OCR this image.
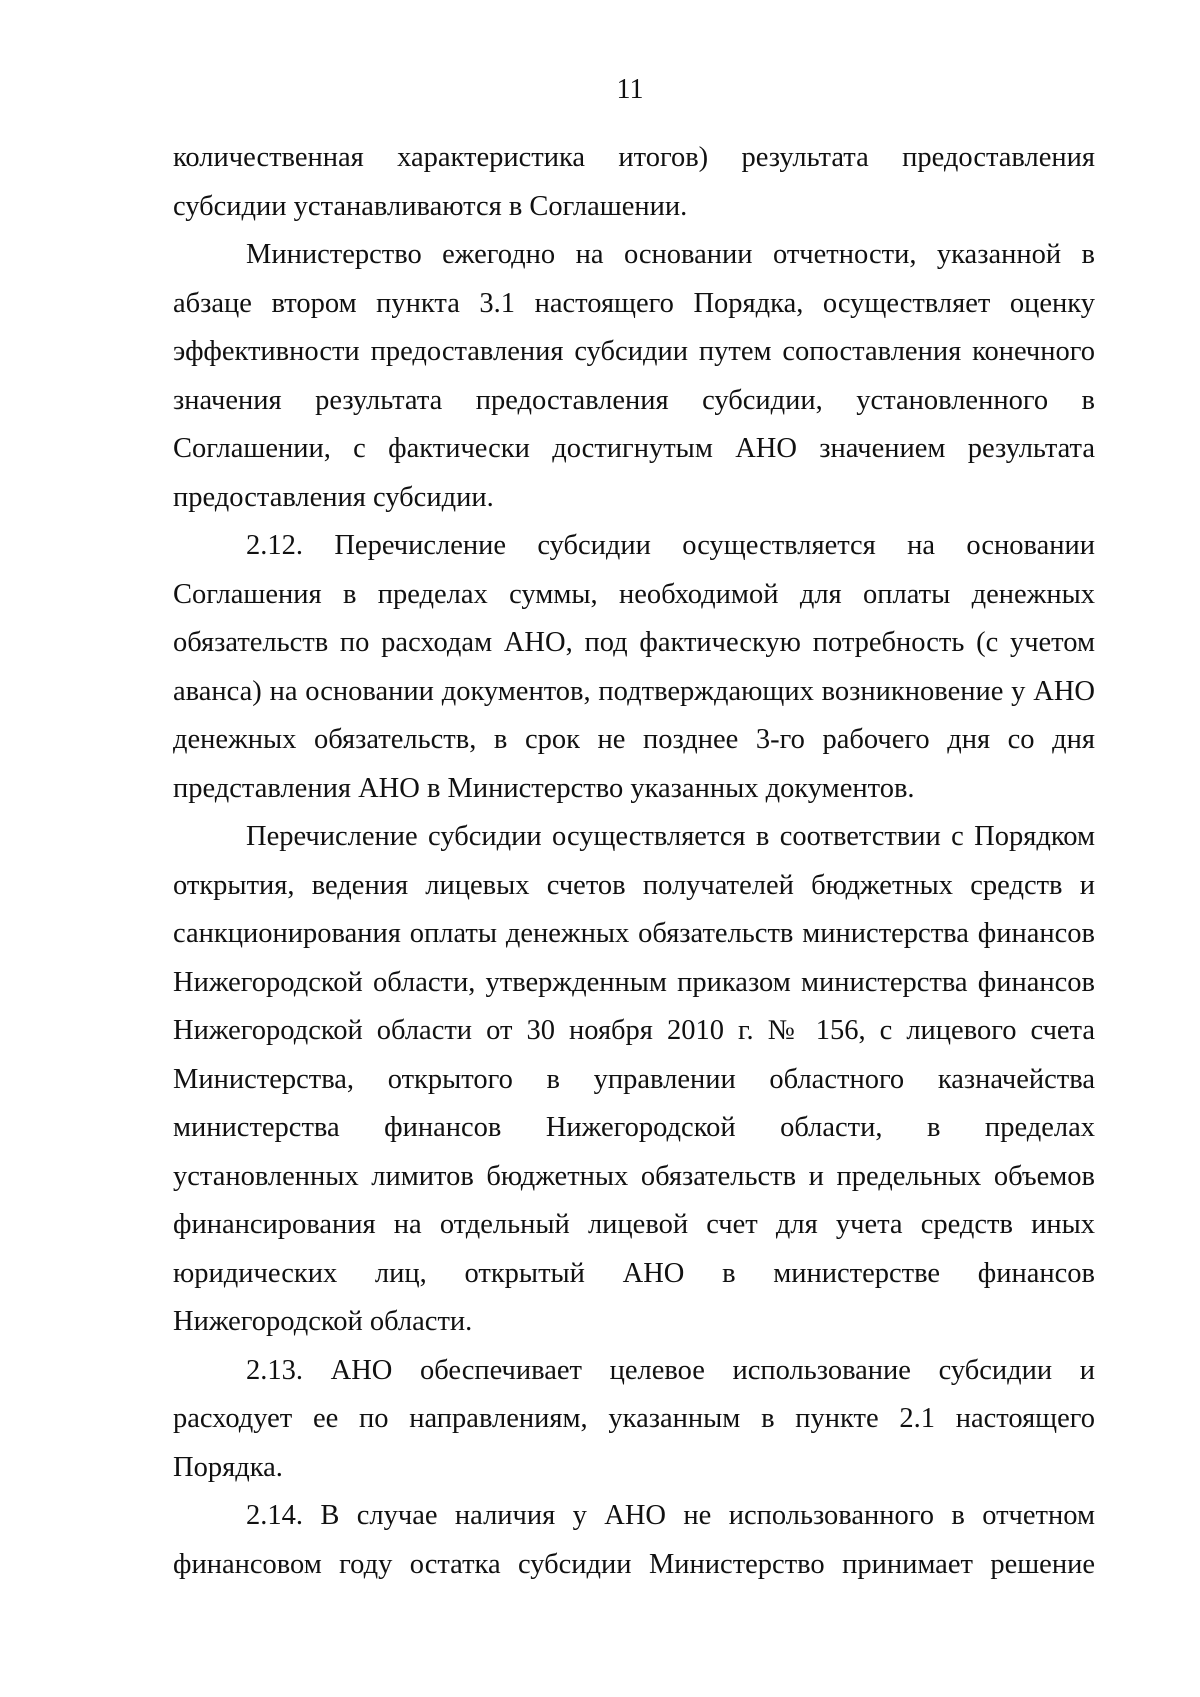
11

количественная характеристика итогов) результата предоставления субсидии устанавливаются в Соглашении.

Министерство ежегодно на основании отчетности, указанной в абзаце втором пункта 3.1 настоящего Порядка, осуществляет оценку эффективности предоставления субсидии путем сопоставления конечного значения результата предоставления субсидии, установленного в Соглашении, с фактически достигнутым АНО значением результата предоставления субсидии.

2.12. Перечисление субсидии осуществляется на основании Соглашения в пределах суммы, необходимой для оплаты денежных обязательств по расходам АНО, под фактическую потребность (с учетом аванса) на основании документов, подтверждающих возникновение у АНО денежных обязательств, в срок не позднее 3-го рабочего дня со дня представления АНО в Министерство указанных документов.

Перечисление субсидии осуществляется в соответствии с Порядком открытия, ведения лицевых счетов получателей бюджетных средств и санкционирования оплаты денежных обязательств министерства финансов Нижегородской области, утвержденным приказом министерства финансов Нижегородской области от 30 ноября 2010 г. № 156, с лицевого счета Министерства, открытого в управлении областного казначейства министерства финансов Нижегородской области, в пределах установленных лимитов бюджетных обязательств и предельных объемов финансирования на отдельный лицевой счет для учета средств иных юридических лиц, открытый АНО в министерстве финансов Нижегородской области.

2.13. АНО обеспечивает целевое использование субсидии и расходует ее по направлениям, указанным в пункте 2.1 настоящего Порядка.

2.14. В случае наличия у АНО не использованного в отчетном финансовом году остатка субсидии Министерство принимает решение
